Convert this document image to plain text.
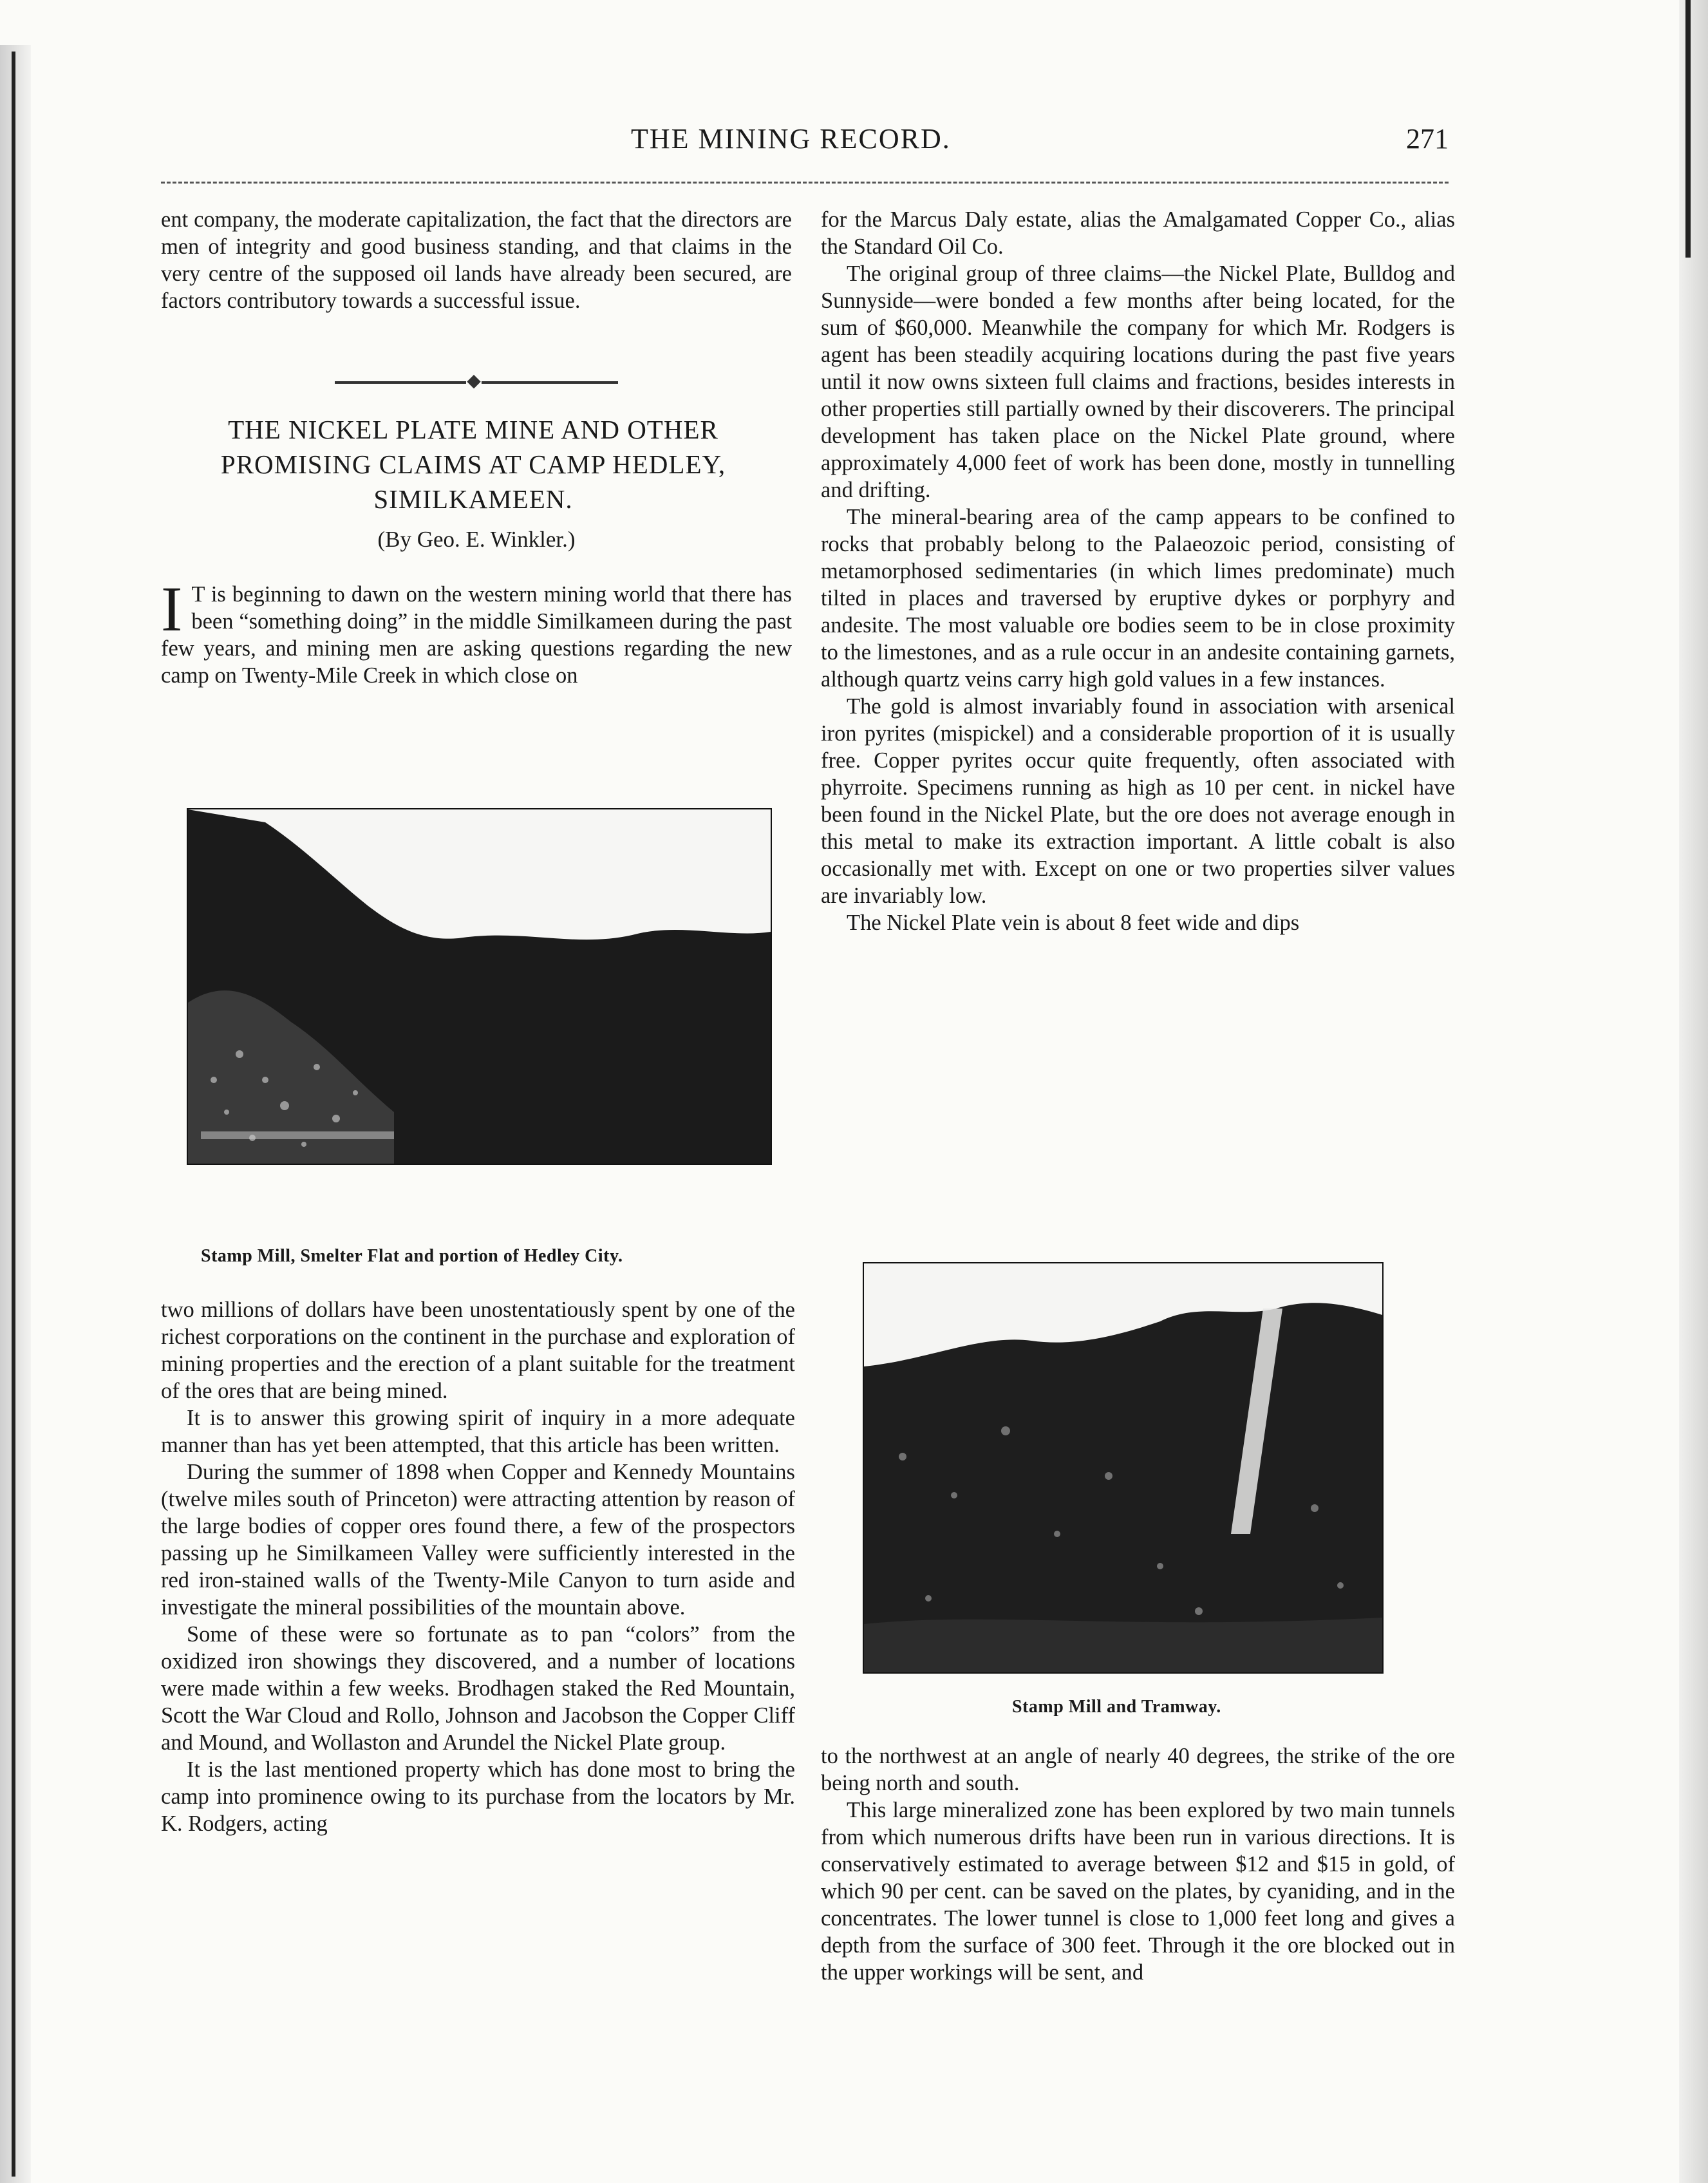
THE MINING RECORD.	271

ent company, the moderate capitalization, the fact that the directors are men of integrity and good business standing, and that claims in the very centre of the supposed oil lands have already been secured, are factors contributory towards a successful issue.

◆
THE NICKEL PLATE MINE AND OTHER
PROMISING CLAIMS AT CAMP HEDLEY,
SIMILKAMEEN.
(By Geo. E. Winkler.)
I T is beginning to dawn on the western mining world that there has been “something doing” in the middle Similkameen during the past few years, and mining men are asking questions regarding the new camp on Twenty-Mile Creek in which close on
Stamp Mill, Smelter Flat and portion of Hedley City.

two millions of dollars have been unostentatiously spent by one of the richest corporations on the continent in the purchase and exploration of mining properties and the erection of a plant suitable for the treatment of the ores that are being mined.

It is to answer this growing spirit of inquiry in a more adequate manner than has yet been attempted, that this article has been written.

During the summer of 1898 when Copper and Kennedy Mountains (twelve miles south of Princeton) were attracting attention by reason of the large bodies of copper ores found there, a few of the prospectors passing up he Similkameen Valley were sufficiently interested in the red iron-stained walls of the Twenty-Mile Canyon to turn aside and investigate the mineral possibilities of the mountain above.

Some of these were so fortunate as to pan “colors” from the oxidized iron showings they discovered, and a number of locations were made within a few weeks. Brodhagen staked the Red Mountain, Scott the War Cloud and Rollo, Johnson and Jacobson the Copper Cliff and Mound, and Wollaston and Arundel the Nickel Plate group.

It is the last mentioned property which has done most to bring the camp into prominence owing to its purchase from the locators by Mr. K. Rodgers, acting

for the Marcus Daly estate, alias the Amalgamated Copper Co., alias the Standard Oil Co.

The original group of three claims—the Nickel Plate, Bulldog and Sunnyside—were bonded a few months after being located, for the sum of $60,000. Meanwhile the company for which Mr. Rodgers is agent has been steadily acquiring locations during the past five years until it now owns sixteen full claims and fractions, besides interests in other properties still partially owned by their discoverers. The principal development has taken place on the Nickel Plate ground, where approximately 4,000 feet of work has been done, mostly in tunnelling and drifting.

The mineral-bearing area of the camp appears to be confined to rocks that probably belong to the Palaeozoic period, consisting of metamorphosed sedimentaries (in which limes predominate) much tilted in places and traversed by eruptive dykes or porphyry and andesite. The most valuable ore bodies seem to be in close proximity to the limestones, and as a rule occur in an andesite containing garnets, although quartz veins carry high gold values in a few instances.

The gold is almost invariably found in association with arsenical iron pyrites (mispickel) and a considerable proportion of it is usually free. Copper pyrites occur quite frequently, often associated with phyrroite. Specimens running as high as 10 per cent. in nickel have been found in the Nickel Plate, but the ore does not average enough in this metal to make its extraction important. A little cobalt is also occasionally met with. Except on one or two properties silver values are invariably low.

The Nickel Plate vein is about 8 feet wide and dips

Stamp Mill and Tramway.

to the northwest at an angle of nearly 40 degrees, the strike of the ore being north and south.

This large mineralized zone has been explored by two main tunnels from which numerous drifts have been run in various directions. It is conservatively estimated to average between $12 and $15 in gold, of which 90 per cent. can be saved on the plates, by cyaniding, and in the concentrates. The lower tunnel is close to 1,000 feet long and gives a depth from the surface of 300 feet. Through it the ore blocked out in the upper workings will be sent, and
